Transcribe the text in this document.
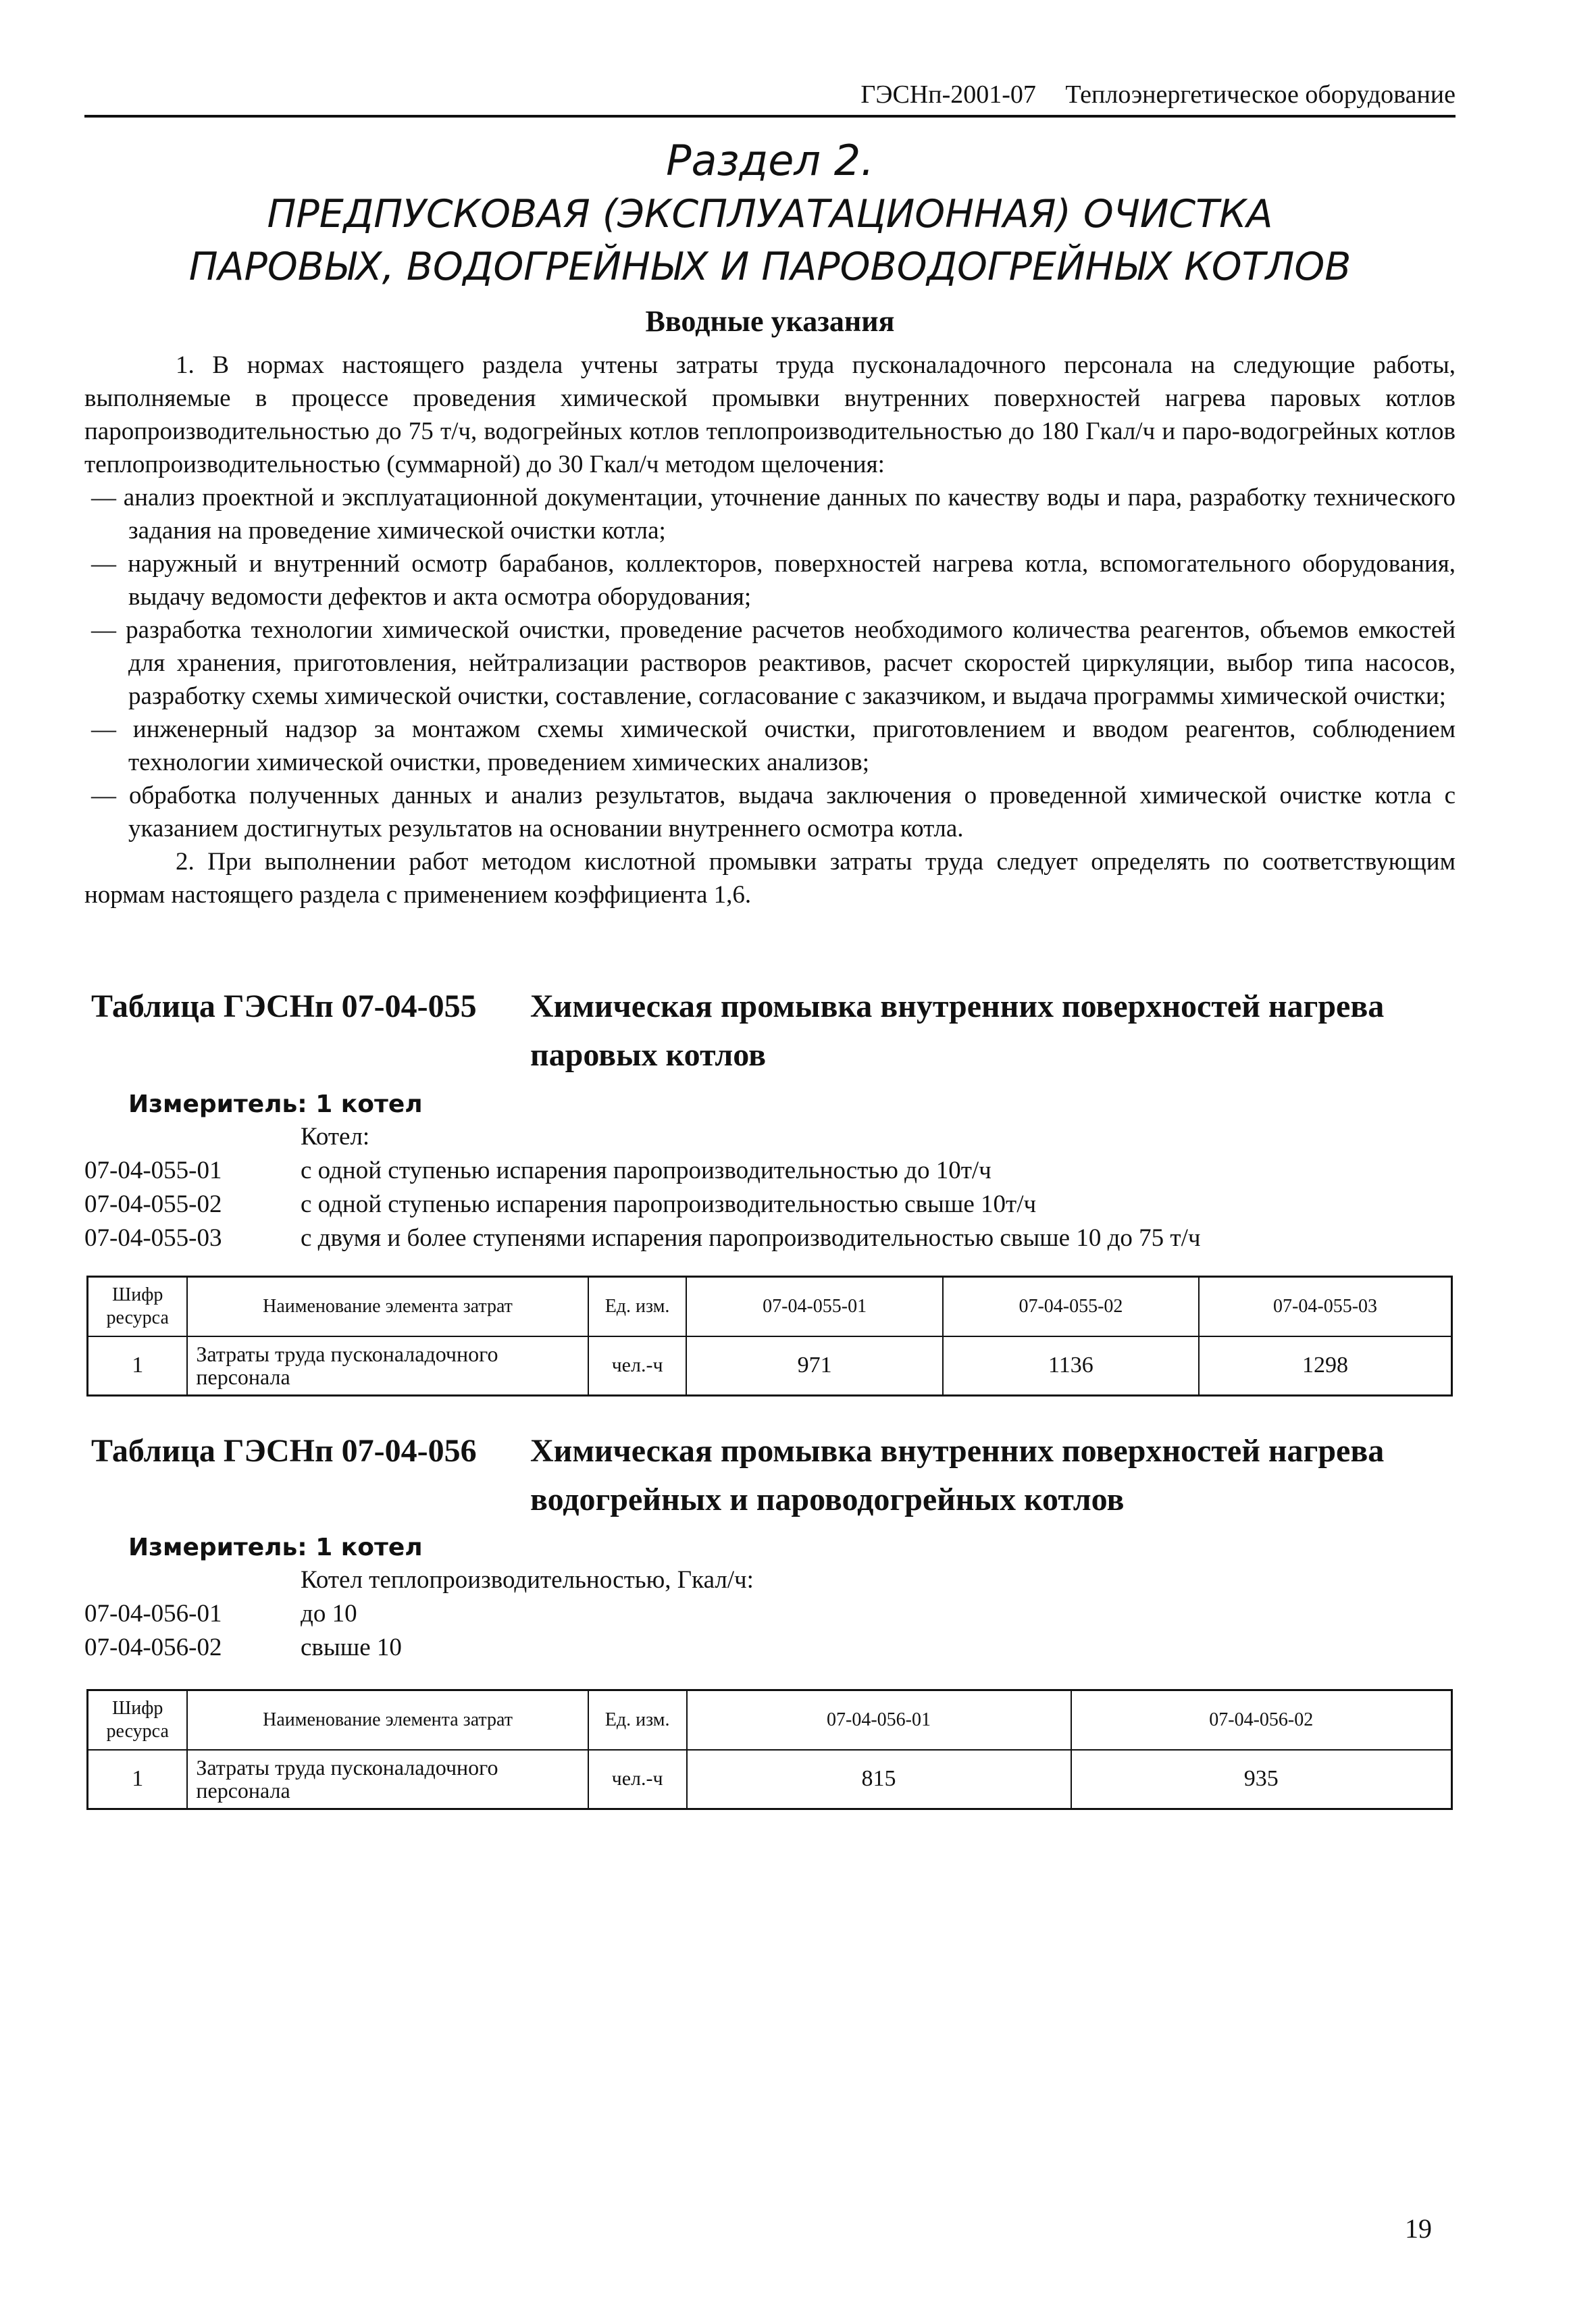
ГЭСНп-2001-07 Теплоэнергетическое оборудование
Раздел 2.
ПРЕДПУСКОВАЯ (ЭКСПЛУАТАЦИОННАЯ) ОЧИСТКА
ПАРОВЫХ, ВОДОГРЕЙНЫХ И ПАРОВОДОГРЕЙНЫХ КОТЛОВ
Вводные указания

1. В нормах настоящего раздела учтены затраты труда пусконаладочного персонала на следующие работы, выполняемые в процессе проведения химической промывки внутренних поверхностей нагрева паровых котлов паропроизводительностью до 75 т/ч, водогрейных котлов теплопроизводительностью до 180 Гкал/ч и паро-водогрейных котлов теплопроизводительностью (суммарной) до 30 Гкал/ч методом щелочения:

— анализ проектной и эксплуатационной документации, уточнение данных по качеству воды и пара, разработку технического задания на проведение химической очистки котла;

— наружный и внутренний осмотр барабанов, коллекторов, поверхностей нагрева котла, вспомогательного оборудования, выдачу ведомости дефектов и акта осмотра оборудования;

— разработка технологии химической очистки, проведение расчетов необходимого количества реагентов, объемов емкостей для хранения, приготовления, нейтрализации растворов реактивов, расчет скоростей циркуляции, выбор типа насосов, разработку схемы химической очистки, составление, согласование с заказчиком, и выдача программы химической очистки;

— инженерный надзор за монтажом схемы химической очистки, приготовлением и вводом реагентов, соблюдением технологии химической очистки, проведением химических анализов;

— обработка полученных данных и анализ результатов, выдача заключения о проведенной химической очистке котла с указанием достигнутых результатов на основании внутреннего осмотра котла.

2. При выполнении работ методом кислотной промывки затраты труда следует определять по соответствующим нормам настоящего раздела с применением коэффициента 1,6.

Таблица ГЭСНп 07-04-055 Химическая промывка внутренних поверхностей нагрева паровых котлов
Измеритель: 1 котел
Котел:
07-04-055-01	с одной ступенью испарения паропроизводительностью до 10т/ч
07-04-055-02	с одной ступенью испарения паропроизводительностью свыше 10т/ч
07-04-055-03	с двумя и более ступенями испарения паропроизводительностью свыше 10 до 75 т/ч
Шифр ресурса	Наименование элемента затрат	Ед. изм.	07-04-055-01	07-04-055-02	07-04-055-03
1	Затраты труда пусконаладочного персонала	чел.-ч	971	1136	1298
Таблица ГЭСНп 07-04-056 Химическая промывка внутренних поверхностей нагрева водогрейных и пароводогрейных котлов
Измеритель: 1 котел
Котел теплопроизводительностью, Гкал/ч:
07-04-056-01	до 10
07-04-056-02	свыше 10
Шифр ресурса	Наименование элемента затрат	Ед. изм.	07-04-056-01	07-04-056-02
1	Затраты труда пусконаладочного персонала	чел.-ч	815	935
19
